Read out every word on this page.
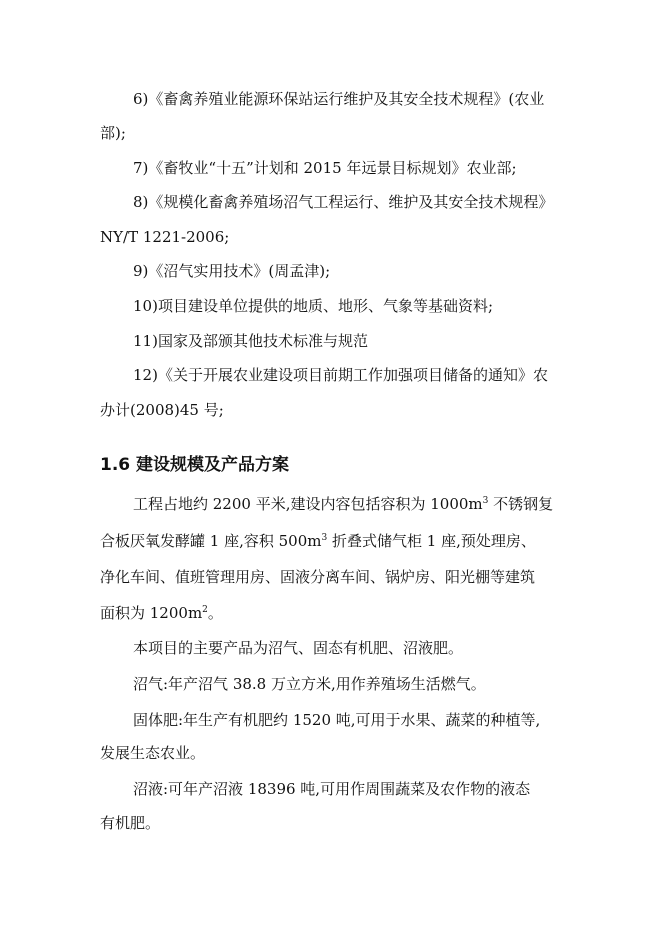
6)《畜禽养殖业能源环保站运行维护及其安全技术规程》(农业
部);
7)《畜牧业“十五”计划和 2015 年远景目标规划》农业部;
8)《规模化畜禽养殖场沼气工程运行、维护及其安全技术规程》
NY/T 1221-2006;
9)《沼气实用技术》(周孟津);
10)项目建设单位提供的地质、地形、气象等基础资料;
11)国家及部颁其他技术标准与规范
12)《关于开展农业建设项目前期工作加强项目储备的通知》农
办计(2008)45 号;
1.6 建设规模及产品方案
工程占地约 2200 平米,建设内容包括容积为 $1000m^3$ 不锈钢复
合板厌氧发酵罐 1 座,容积 $500m^3$ 折叠式储气柜 1 座,预处理房、
净化车间、值班管理用房、固液分离车间、锅炉房、阳光棚等建筑
面积为 $1200m^2$。
本项目的主要产品为沼气、固态有机肥、沼液肥。
沼气:年产沼气 38.8 万立方米,用作养殖场生活燃气。
固体肥:年生产有机肥约 1520 吨,可用于水果、蔬菜的种植等,
发展生态农业。
沼液:可年产沼液 18396 吨,可用作周围蔬菜及农作物的液态
有机肥。
